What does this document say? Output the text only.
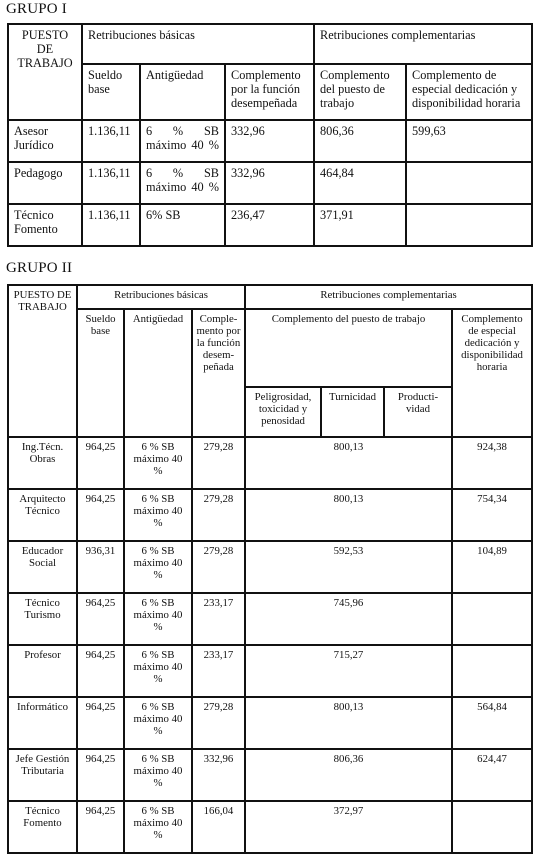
GRUPO I
PUESTO DE TRABAJO	Retribuciones básicas			Retribuciones complementarias	
	Sueldo base	Antigüedad	Complemento por la función desempeñada	Complemento del puesto de trabajo	Complemento de especial dedicación y disponibilidad horaria
Asesor Jurídico	1.136,11	6 % SB máximo 40 %	332,96	806,36	599,63
Pedagogo	1.136,11	6 % SB máximo 40 %	332,96	464,84	
Técnico Fomento	1.136,11	6% SB	236,47	371,91	
GRUPO II
PUESTO DE TRABAJO	Retribuciones básicas			Retribuciones complementarias			
	Sueldo base	Antigüedad	Comple-mento por la función desem-peñada	Complemento del puesto de trabajo			Complemento de especial dedicación y disponibilidad horaria
				Peligrosidad, toxicidad y penosidad	Turnicidad	Producti-vidad	
Ing.Técn. Obras	964,25	6 % SB máximo 40 %	279,28	800,13			924,38
Arquitecto Técnico	964,25	6 % SB máximo 40 %	279,28	800,13			754,34
Educador Social	936,31	6 % SB máximo 40 %	279,28	592,53			104,89
Técnico Turismo	964,25	6 % SB máximo 40 %	233,17	745,96			
Profesor	964,25	6 % SB máximo 40 %	233,17	715,27			
Informático	964,25	6 % SB máximo 40 %	279,28	800,13			564,84
Jefe Gestión Tributaria	964,25	6 % SB máximo 40 %	332,96	806,36			624,47
Técnico Fomento	964,25	6 % SB máximo 40 %	166,04	372,97			
